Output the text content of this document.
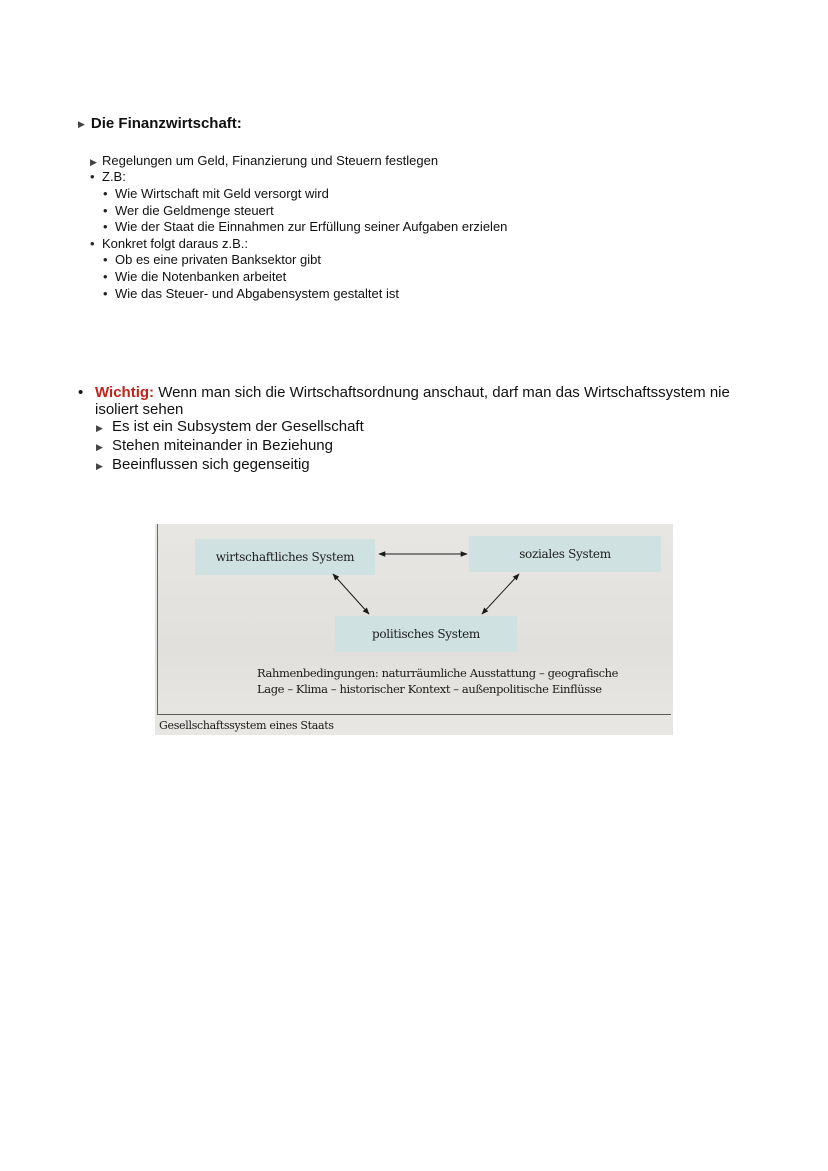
▶ Die Finanzwirtschaft:
▶ Regelungen um Geld, Finanzierung und Steuern festlegen
• Z.B:
• Wie Wirtschaft mit Geld versorgt wird
• Wer die Geldmenge steuert
• Wie der Staat die Einnahmen zur Erfüllung seiner Aufgaben erzielen
• Konkret folgt daraus z.B.:
• Ob es eine privaten Banksektor gibt
• Wie die Notenbanken arbeitet
• Wie das Steuer- und Abgabensystem gestaltet ist
• Wichtig: Wenn man sich die Wirtschaftsordnung anschaut, darf man das Wirtschaftssystem nie isoliert sehen
▶ Es ist ein Subsystem der Gesellschaft
▶ Stehen miteinander in Beziehung
▶ Beeinflussen sich gegenseitig
wirtschaftliches System	soziales System
politisches System
Rahmenbedingungen: naturräumliche Ausstattung – geografische
Lage – Klima – historischer Kontext – außenpolitische Einflüsse
Gesellschaftssystem eines Staats
